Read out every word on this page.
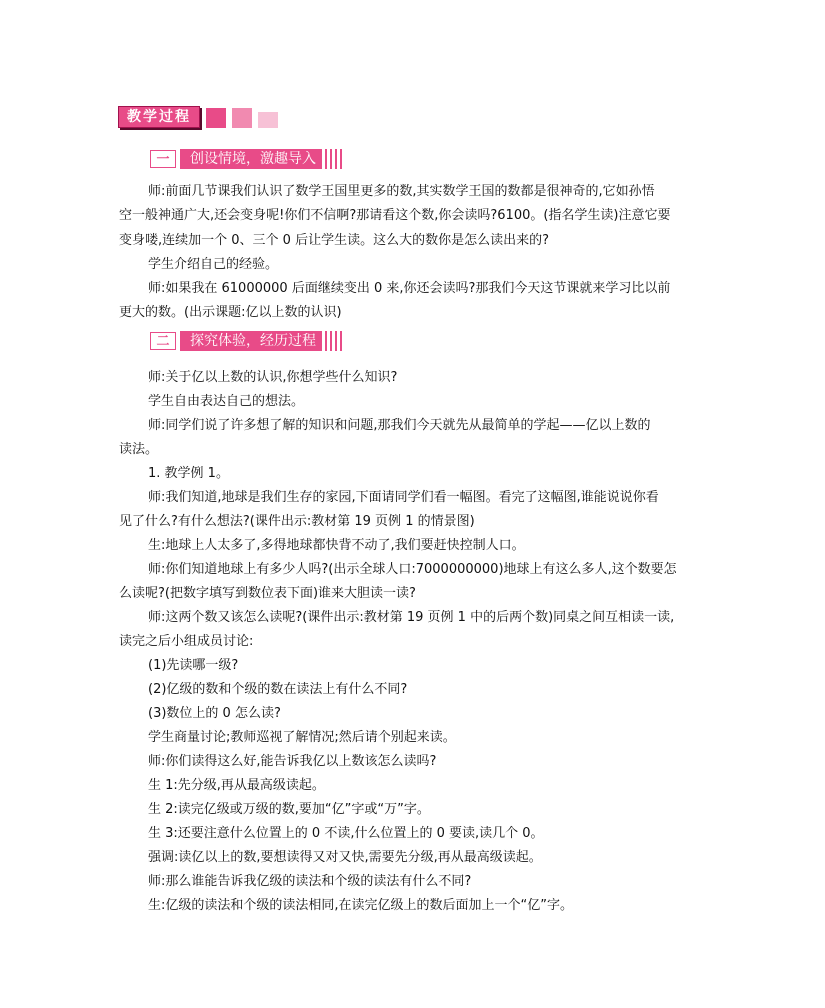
教学过程
一	创设情境，激趣导入
二	探究体验，经历过程
师:前面几节课我们认识了数学王国里更多的数,其实数学王国的数都是很神奇的,它如孙悟
空一般神通广大,还会变身呢!你们不信啊?那请看这个数,你会读吗?6100。(指名学生读)注意它要
变身喽,连续加一个 0、三个 0 后让学生读。这么大的数你是怎么读出来的?
学生介绍自己的经验。
师:如果我在 61000000 后面继续变出 0 来,你还会读吗?那我们今天这节课就来学习比以前
更大的数。(出示课题:亿以上数的认识)
师:关于亿以上数的认识,你想学些什么知识?
学生自由表达自己的想法。
师:同学们说了许多想了解的知识和问题,那我们今天就先从最简单的学起——亿以上数的
读法。
1. 教学例 1。
师:我们知道,地球是我们生存的家园,下面请同学们看一幅图。看完了这幅图,谁能说说你看
见了什么?有什么想法?(课件出示:教材第 19 页例 1 的情景图)
生:地球上人太多了,多得地球都快背不动了,我们要赶快控制人口。
师:你们知道地球上有多少人吗?(出示全球人口:7000000000)地球上有这么多人,这个数要怎
么读呢?(把数字填写到数位表下面)谁来大胆读一读?
师:这两个数又该怎么读呢?(课件出示:教材第 19 页例 1 中的后两个数)同桌之间互相读一读,
读完之后小组成员讨论:
(1)先读哪一级?
(2)亿级的数和个级的数在读法上有什么不同?
(3)数位上的 0 怎么读?
学生商量讨论;教师巡视了解情况;然后请个别起来读。
师:你们读得这么好,能告诉我亿以上数该怎么读吗?
生 1:先分级,再从最高级读起。
生 2:读完亿级或万级的数,要加“亿”字或“万”字。
生 3:还要注意什么位置上的 0 不读,什么位置上的 0 要读,读几个 0。
强调:读亿以上的数,要想读得又对又快,需要先分级,再从最高级读起。
师:那么谁能告诉我亿级的读法和个级的读法有什么不同?
生:亿级的读法和个级的读法相同,在读完亿级上的数后面加上一个“亿”字。
